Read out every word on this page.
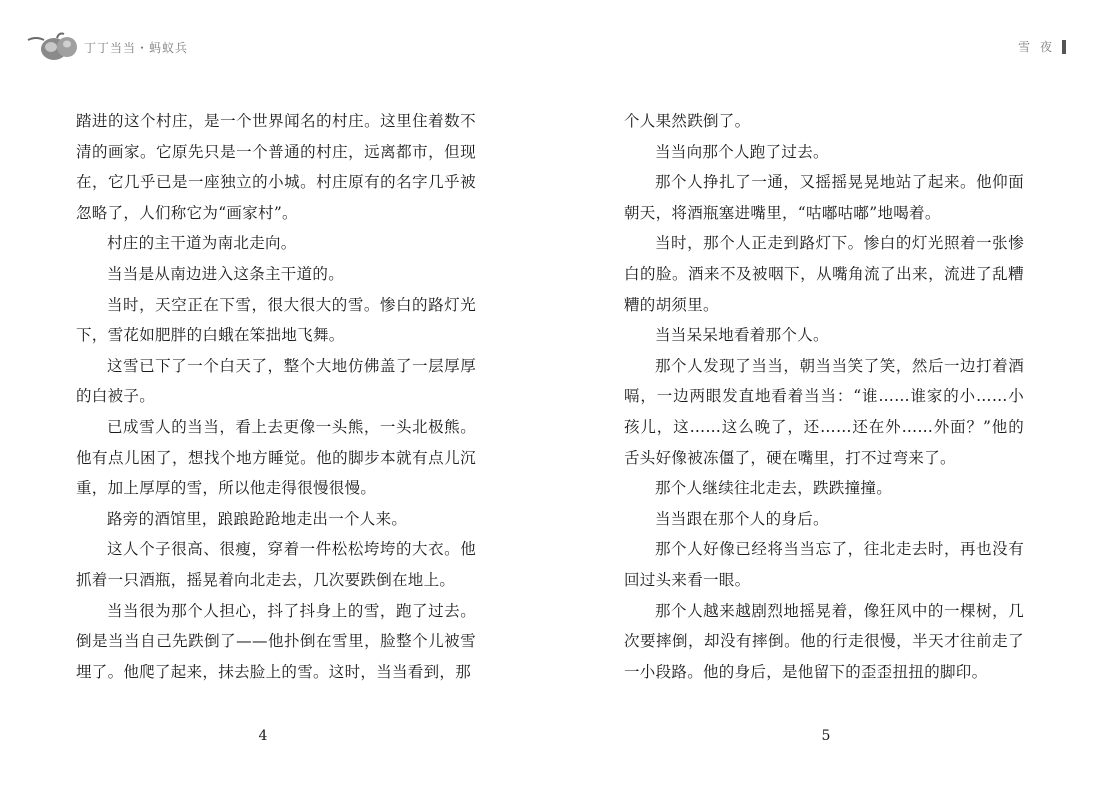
丁丁当当・蚂蚁兵

踏进的这个村庄，是一个世界闻名的村庄。这里住着数不清的画家。它原先只是一个普通的村庄，远离都市，但现在，它几乎已是一座独立的小城。村庄原有的名字几乎被忽略了，人们称它为“画家村”。

村庄的主干道为南北走向。

当当是从南边进入这条主干道的。

当时，天空正在下雪，很大很大的雪。惨白的路灯光下，雪花如肥胖的白蛾在笨拙地飞舞。

这雪已下了一个白天了，整个大地仿佛盖了一层厚厚的白被子。

已成雪人的当当，看上去更像一头熊，一头北极熊。他有点儿困了，想找个地方睡觉。他的脚步本就有点儿沉重，加上厚厚的雪，所以他走得很慢很慢。

路旁的酒馆里，踉踉跄跄地走出一个人来。

这人个子很高、很瘦，穿着一件松松垮垮的大衣。他抓着一只酒瓶，摇晃着向北走去，几次要跌倒在地上。

当当很为那个人担心，抖了抖身上的雪，跑了过去。倒是当当自己先跌倒了——他扑倒在雪里，脸整个儿被雪埋了。他爬了起来，抹去脸上的雪。这时，当当看到，那

4
雪夜

个人果然跌倒了。

当当向那个人跑了过去。

那个人挣扎了一通，又摇摇晃晃地站了起来。他仰面朝天，将酒瓶塞进嘴里，“咕嘟咕嘟”地喝着。

当时，那个人正走到路灯下。惨白的灯光照着一张惨白的脸。酒来不及被咽下，从嘴角流了出来，流进了乱糟糟的胡须里。

当当呆呆地看着那个人。

那个人发现了当当，朝当当笑了笑，然后一边打着酒嗝，一边两眼发直地看着当当：“谁……谁家的小……小孩儿，这……这么晚了，还……还在外……外面？”他的舌头好像被冻僵了，硬在嘴里，打不过弯来了。

那个人继续往北走去，跌跌撞撞。

当当跟在那个人的身后。

那个人好像已经将当当忘了，往北走去时，再也没有回过头来看一眼。

那个人越来越剧烈地摇晃着，像狂风中的一棵树，几次要摔倒，却没有摔倒。他的行走很慢，半天才往前走了一小段路。他的身后，是他留下的歪歪扭扭的脚印。

5
